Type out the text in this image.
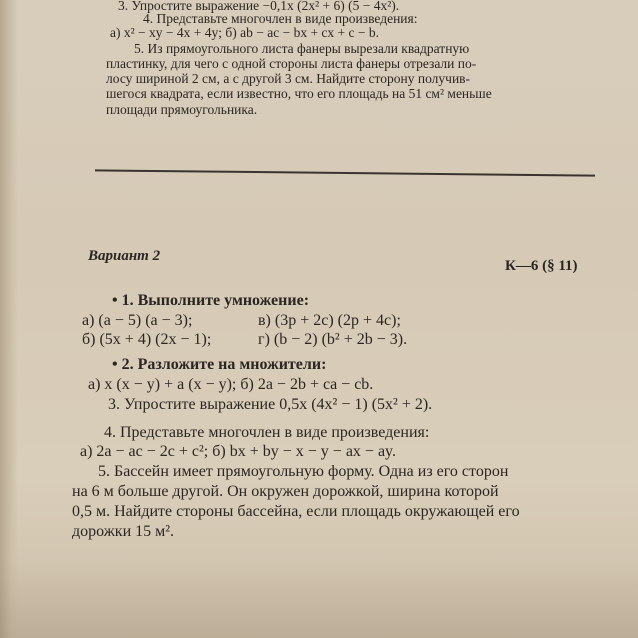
3. Упростите выражение −0,1x (2x² + 6) (5 − 4x²).
4. Представьте многочлен в виде произведения:
а) x² − xy − 4x + 4y; б) ab − ac − bx + cx + c − b.
5. Из прямоугольного листа фанеры вырезали квадратную
пластинку, для чего с одной стороны листа фанеры отрезали по-
лосу шириной 2 см, а с другой 3 см. Найдите сторону получив-
шегося квадрата, если известно, что его площадь на 51 см² меньше
площади прямоугольника.
Вариант 2
К—6 (§ 11)
• 1. Выполните умножение:
а) (a − 5) (a − 3);	в) (3p + 2c) (2p + 4c);
б) (5x + 4) (2x − 1);	г) (b − 2) (b² + 2b − 3).
• 2. Разложите на множители:
а) x (x − y) + a (x − y); б) 2a − 2b + ca − cb.
3. Упростите выражение 0,5x (4x² − 1) (5x² + 2).
4. Представьте многочлен в виде произведения:
а) 2a − ac − 2c + c²; б) bx + by − x − y − ax − ay.
5. Бассейн имеет прямоугольную форму. Одна из его сторон
на 6 м больше другой. Он окружен дорожкой, ширина которой
0,5 м. Найдите стороны бассейна, если площадь окружающей его
дорожки 15 м².
